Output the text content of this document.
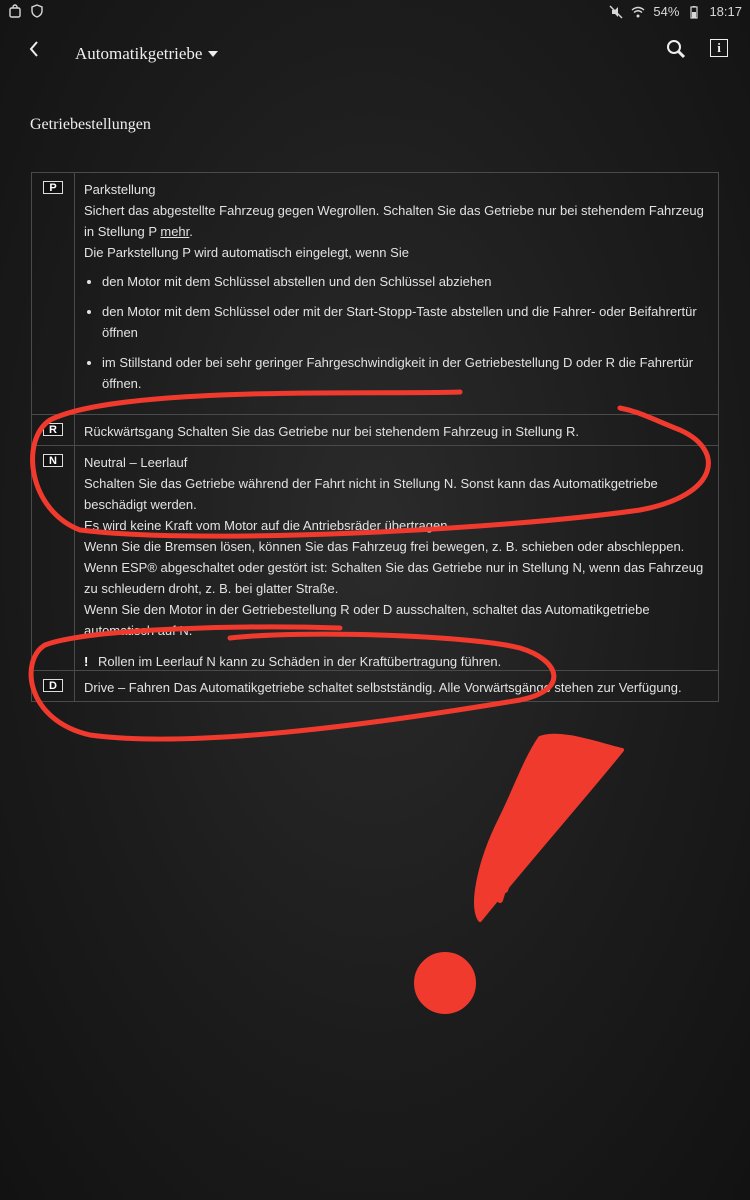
54% 18:17
Automatikgetriebe	i
Getriebestellungen
P	Parkstellung

Sichert das abgestellte Fahrzeug gegen Wegrollen. Schalten Sie das Getriebe nur bei stehendem Fahrzeug in Stellung P mehr.

Die Parkstellung P wird automatisch eingelegt, wenn Sie

• den Motor mit dem Schlüssel abstellen und den Schlüssel abziehen
• den Motor mit dem Schlüssel oder mit der Start-Stopp-Taste abstellen und die Fahrer- oder Beifahrertür öffnen
• im Stillstand oder bei sehr geringer Fahrgeschwindigkeit in der Getriebestellung D oder R die Fahrertür öffnen.
R	Rückwärtsgang Schalten Sie das Getriebe nur bei stehendem Fahrzeug in Stellung R.
N	Neutral – Leerlauf

Schalten Sie das Getriebe während der Fahrt nicht in Stellung N. Sonst kann das Automatikgetriebe beschädigt werden.

Es wird keine Kraft vom Motor auf die Antriebsräder übertragen.

Wenn Sie die Bremsen lösen, können Sie das Fahrzeug frei bewegen, z. B. schieben oder abschleppen.

Wenn ESP® abgeschaltet oder gestört ist: Schalten Sie das Getriebe nur in Stellung N, wenn das Fahrzeug zu schleudern droht, z. B. bei glatter Straße.

Wenn Sie den Motor in der Getriebestellung R oder D ausschalten, schaltet das Automatikgetriebe automatisch auf N.

! Rollen im Leerlauf N kann zu Schäden in der Kraftübertragung führen.
D	Drive – Fahren Das Automatikgetriebe schaltet selbstständig. Alle Vorwärtsgänge stehen zur Verfügung.
